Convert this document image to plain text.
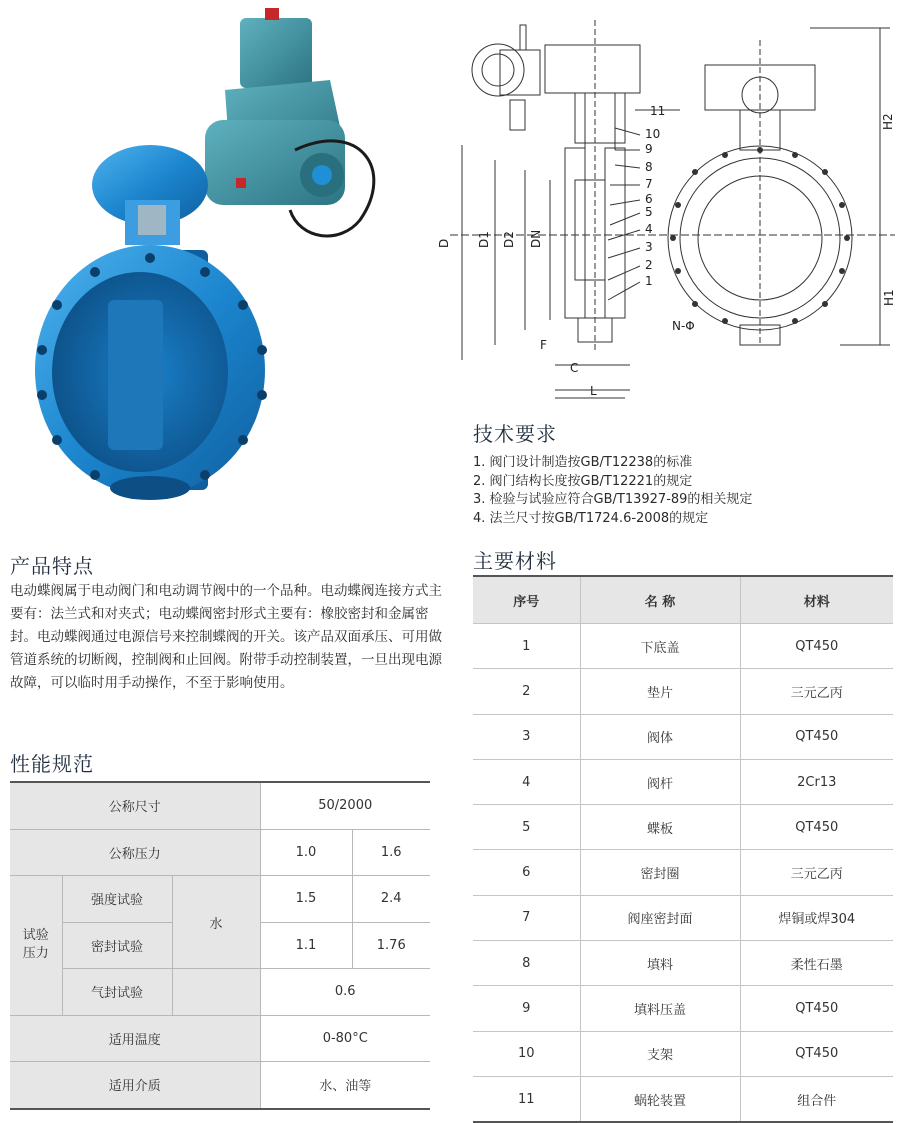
D D1 D2 DN
F
C
L
H1
H2
N-Φ
11
10
9
8
7
6
5
4
3
2
1
技术要求
1. 阀门设计制造按GB/T12238的标准
2. 阀门结构长度按GB/T12221的规定
3. 检验与试验应符合GB/T13927-89的相关规定
4. 法兰尺寸按GB/T1724.6-2008的规定
产品特点
电动蝶阀属于电动阀门和电动调节阀中的一个品种。电动蝶阀连接方式主要有：法兰式和对夹式；电动蝶阀密封形式主要有：橡胶密封和金属密封。电动蝶阀通过电源信号来控制蝶阀的开关。该产品双面承压、可用做管道系统的切断阀，控制阀和止回阀。附带手动控制装置，一旦出现电源故障，可以临时用手动操作，不至于影响使用。
性能规范
公称尺寸			50/2000	
公称压力			1.0	1.6
试验
压力	强度试验	水	1.5	2.4
	密封试验		1.1	1.76
	气封试验		0.6	
适用温度			0-80°C	
适用介质			水、油等	
主要材料
序号	名 称	材料
1	下底盖	QT450
2	垫片	三元乙丙
3	阀体	QT450
4	阀杆	2Cr13
5	蝶板	QT450
6	密封圈	三元乙丙
7	阀座密封面	焊铜或焊304
8	填料	柔性石墨
9	填料压盖	QT450
10	支架	QT450
11	蜗轮装置	组合件
